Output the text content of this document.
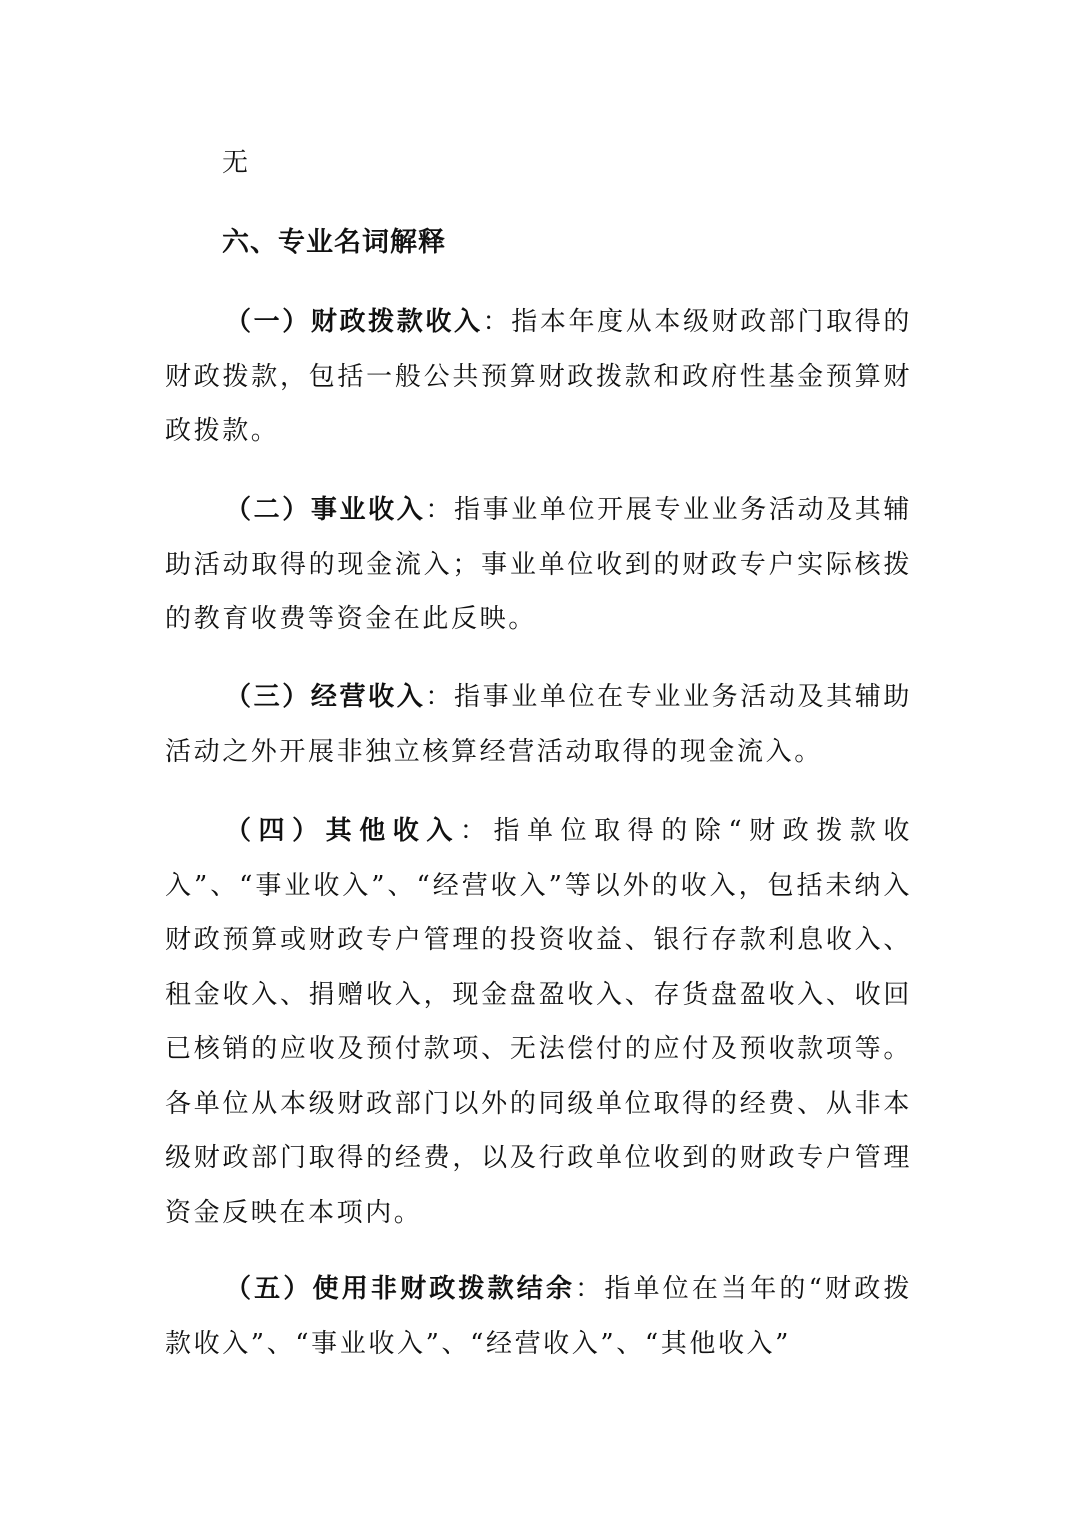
无
六、专业名词解释

（一）财政拨款收入：指本年度从本级财政部门取得的财政拨款，包括一般公共预算财政拨款和政府性基金预算财政拨款。

（二）事业收入：指事业单位开展专业业务活动及其辅助活动取得的现金流入；事业单位收到的财政专户实际核拨的教育收费等资金在此反映。

（三）经营收入：指事业单位在专业业务活动及其辅助活动之外开展非独立核算经营活动取得的现金流入。

（四）其他收入：指单位取得的除“财政拨款收入”、“事业收入”、“经营收入”等以外的收入，包括未纳入财政预算或财政专户管理的投资收益、银行存款利息收入、租金收入、捐赠收入，现金盘盈收入、存货盘盈收入、收回已核销的应收及预付款项、无法偿付的应付及预收款项等。各单位从本级财政部门以外的同级单位取得的经费、从非本级财政部门取得的经费，以及行政单位收到的财政专户管理资金反映在本项内。

（五）使用非财政拨款结余：指单位在当年的“财政拨款收入”、“事业收入”、“经营收入”、“其他收入”
